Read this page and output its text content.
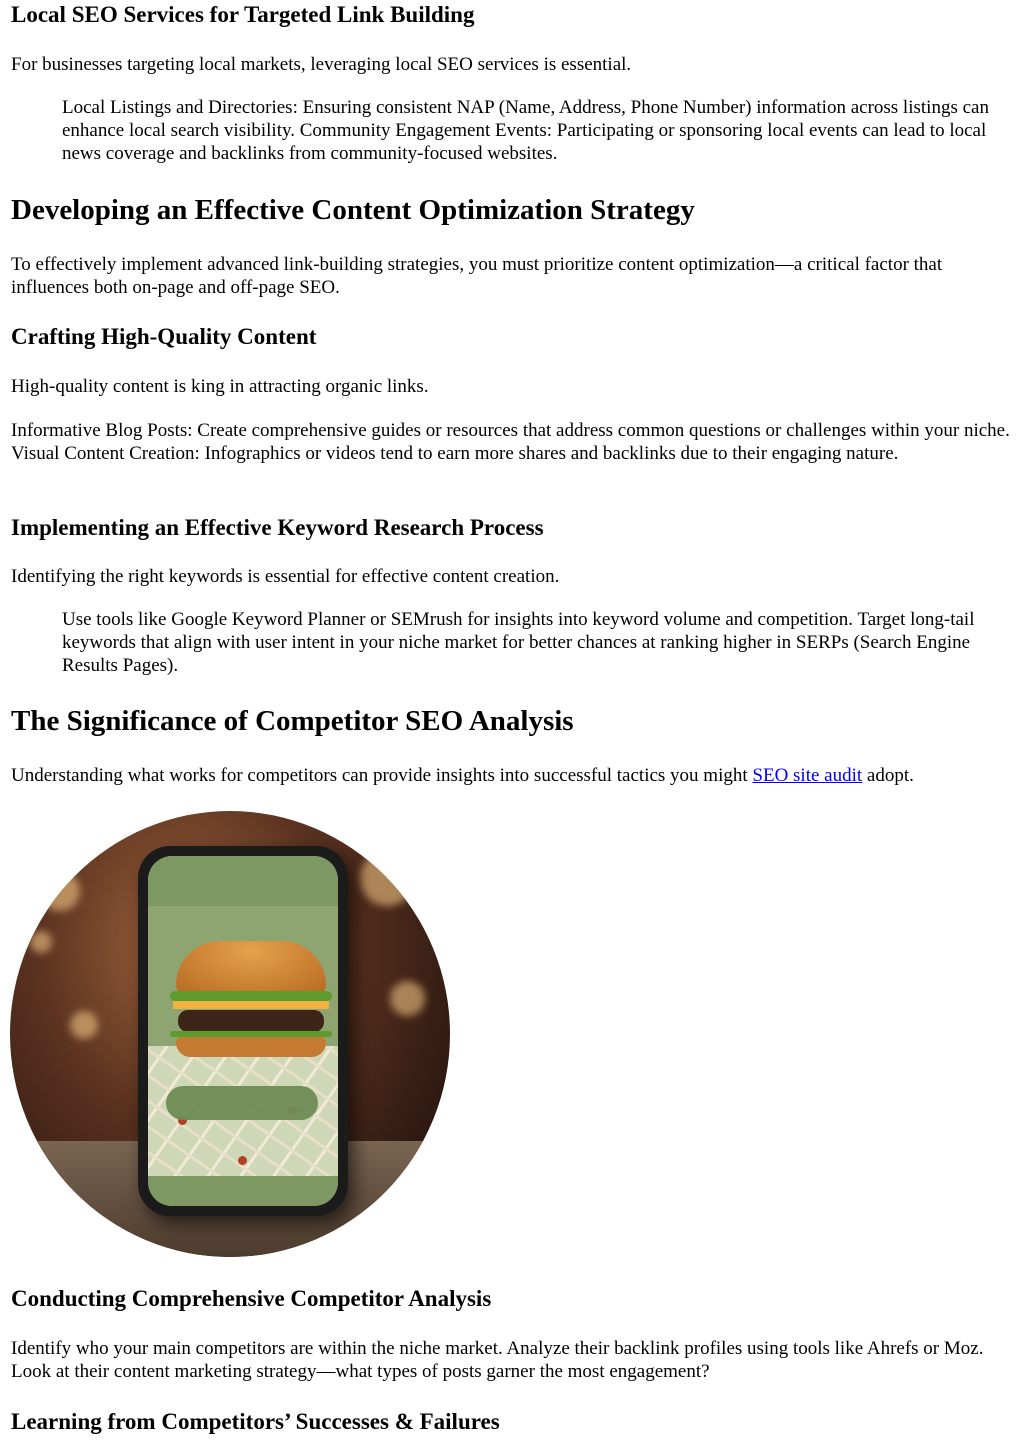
Local SEO Services for Targeted Link Building

For businesses targeting local markets, leveraging local SEO services is essential.

Local Listings and Directories: Ensuring consistent NAP (Name, Address, Phone Number) information across listings can enhance local search visibility. Community Engagement Events: Participating or sponsoring local events can lead to local news coverage and backlinks from community-focused websites.

Developing an Effective Content Optimization Strategy

To effectively implement advanced link-building strategies, you must prioritize content optimization—a critical factor that influences both on-page and off-page SEO.

Crafting High-Quality Content

High-quality content is king in attracting organic links.

Informative Blog Posts: Create comprehensive guides or resources that address common questions or challenges within your niche. Visual Content Creation: Infographics or videos tend to earn more shares and backlinks due to their engaging nature.

Implementing an Effective Keyword Research Process

Identifying the right keywords is essential for effective content creation.

Use tools like Google Keyword Planner or SEMrush for insights into keyword volume and competition. Target long-tail keywords that align with user intent in your niche market for better chances at ranking higher in SERPs (Search Engine Results Pages).

The Significance of Competitor SEO Analysis

Understanding what works for competitors can provide insights into successful tactics you might SEO site audit adopt.

Conducting Comprehensive Competitor Analysis

Identify who your main competitors are within the niche market. Analyze their backlink profiles using tools like Ahrefs or Moz. Look at their content marketing strategy—what types of posts garner the most engagement?

Learning from Competitors’ Successes & Failures
